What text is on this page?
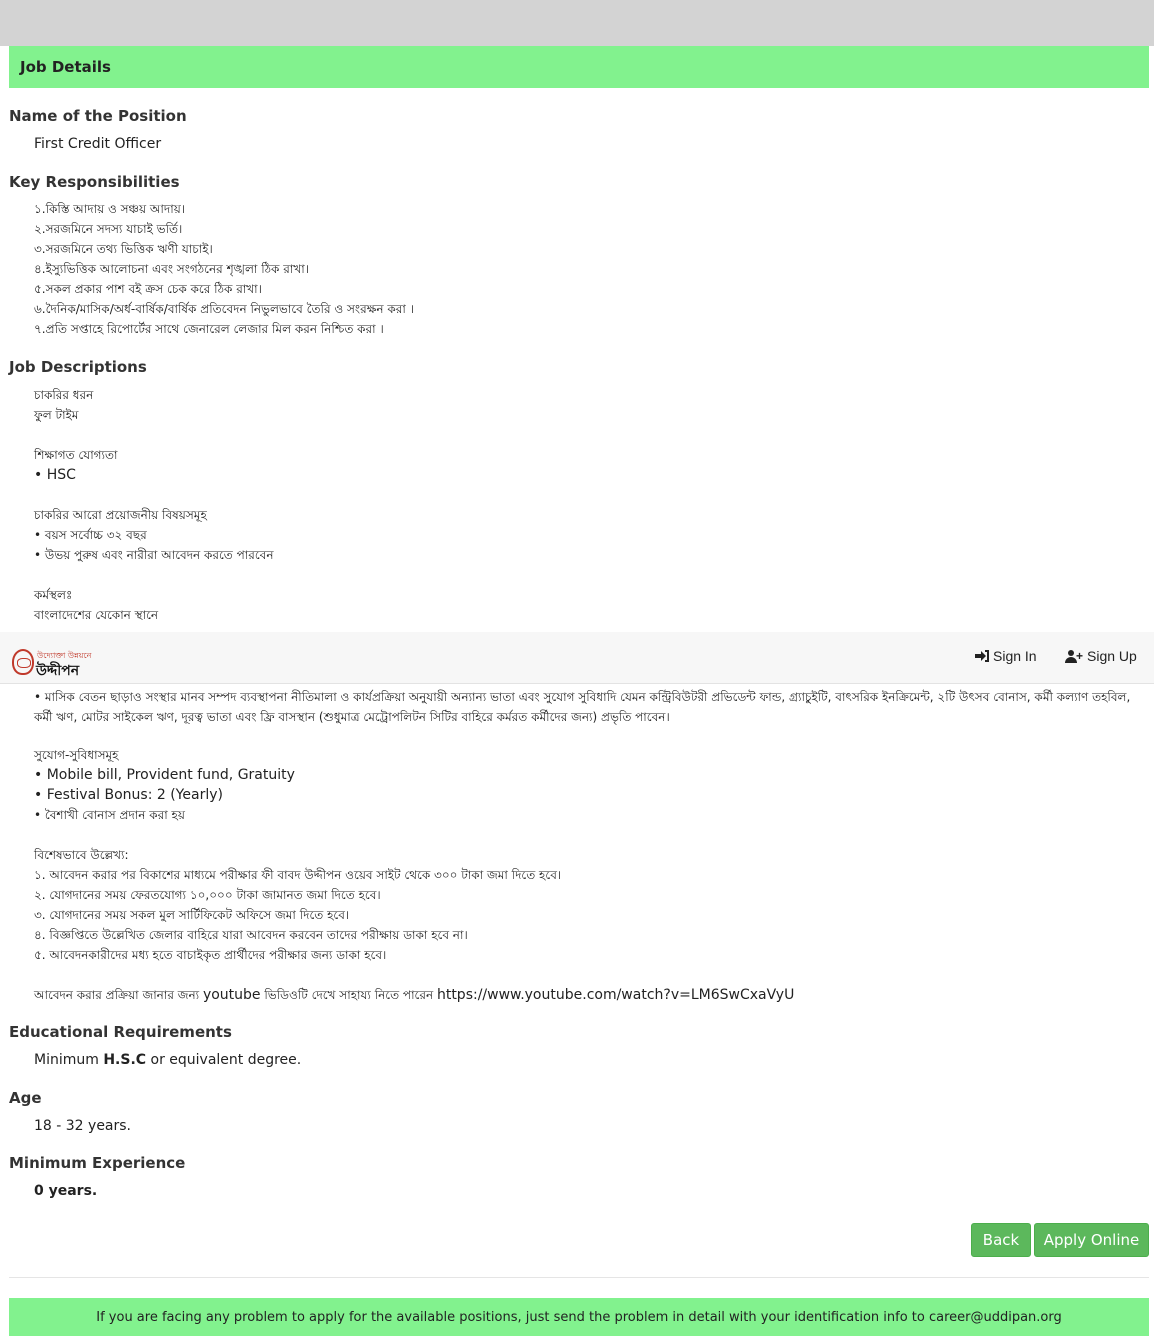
Job Details
Name of the Position
First Credit Officer
Key Responsibilities
১.কিস্তি আদায় ও সঞ্চয় আদায়।
২.সরজমিনে সদস্য যাচাই ভর্তি।
৩.সরজমিনে তথ্য ভিত্তিক ঋণী যাচাই।
৪.ইস্যুভিত্তিক আলোচনা এবং সংগঠনের শৃঙ্খলা ঠিক রাখা।
৫.সকল প্রকার পাশ বই ক্রস চেক করে ঠিক রাখা।
৬.দৈনিক/মাসিক/অর্ধ-বার্ষিক/বার্ষিক প্রতিবেদন নিভুলভাবে তৈরি ও সংরক্ষন করা ।
৭.প্রতি সপ্তাহে রিপোর্টের সাথে জেনারেল লেজার মিল করন নিশ্চিত করা ।
Job Descriptions
চাকরির ধরন
ফুল টাইম
শিক্ষাগত যোগ্যতা
• HSC
চাকরির আরো প্রয়োজনীয় বিষয়সমূহ
• বয়স সর্বোচ্চ ৩২ বছর
• উভয় পুরুষ এবং নারীরা আবেদন করতে পারবেন
কর্মস্থলঃ
বাংলাদেশের যেকোন স্থানে
উদ্যোক্তা উন্নয়নে
উদ্দীপন
Sign In	+ Sign Up
• মাসিক বেতন ছাড়াও সংস্থার মানব সম্পদ ব্যবস্থাপনা নীতিমালা ও কার্যপ্রক্রিয়া অনুযায়ী অন্যান্য ভাতা এবং সুযোগ সুবিধাদি যেমন কন্ট্রিবিউটরী প্রভিডেন্ট ফান্ড, গ্র্যাচুইটি, বাৎসরিক ইনক্রিমেন্ট, ২টি উৎসব বোনাস, কর্মী কল্যাণ তহবিল,
কর্মী ঋণ, মোটর সাইকেল ঋণ, দূরত্ব ভাতা এবং ফ্রি বাসস্থান (শুধুমাত্র মেট্রোপলিটন সিটির বাহিরে কর্মরত কর্মীদের জন্য) প্রভৃতি পাবেন।
সুযোগ-সুবিধাসমূহ
• Mobile bill, Provident fund, Gratuity
• Festival Bonus: 2 (Yearly)
• বৈশাখী বোনাস প্রদান করা হয়
বিশেষভাবে উল্লেখ্য:
১. আবেদন করার পর বিকাশের মাধ্যমে পরীক্ষার ফী বাবদ উদ্দীপন ওয়েব সাইট থেকে ৩০০ টাকা জমা দিতে হবে।
২. যোগদানের সময় ফেরতযোগ্য ১০,০০০ টাকা জামানত জমা দিতে হবে।
৩. যোগদানের সময় সকল মুল সার্টিফিকেট অফিসে জমা দিতে হবে।
৪. বিজ্ঞপ্তিতে উল্লেখিত জেলার বাহিরে যারা আবেদন করবেন তাদের পরীক্ষায় ডাকা হবে না।
৫. আবেদনকারীদের মধ্য হতে বাচাইকৃত প্রার্থীদের পরীক্ষার জন্য ডাকা হবে।
আবেদন করার প্রক্রিয়া জানার জন্য youtube ভিডিওটি দেখে সাহায্য নিতে পারেন https://www.youtube.com/watch?v=LM6SwCxaVyU
Educational Requirements
Minimum H.S.C or equivalent degree.
Age
18 - 32 years.
Minimum Experience
0 years.
Back	Apply Online
If you are facing any problem to apply for the available positions, just send the problem in detail with your identification info to career@uddipan.org
